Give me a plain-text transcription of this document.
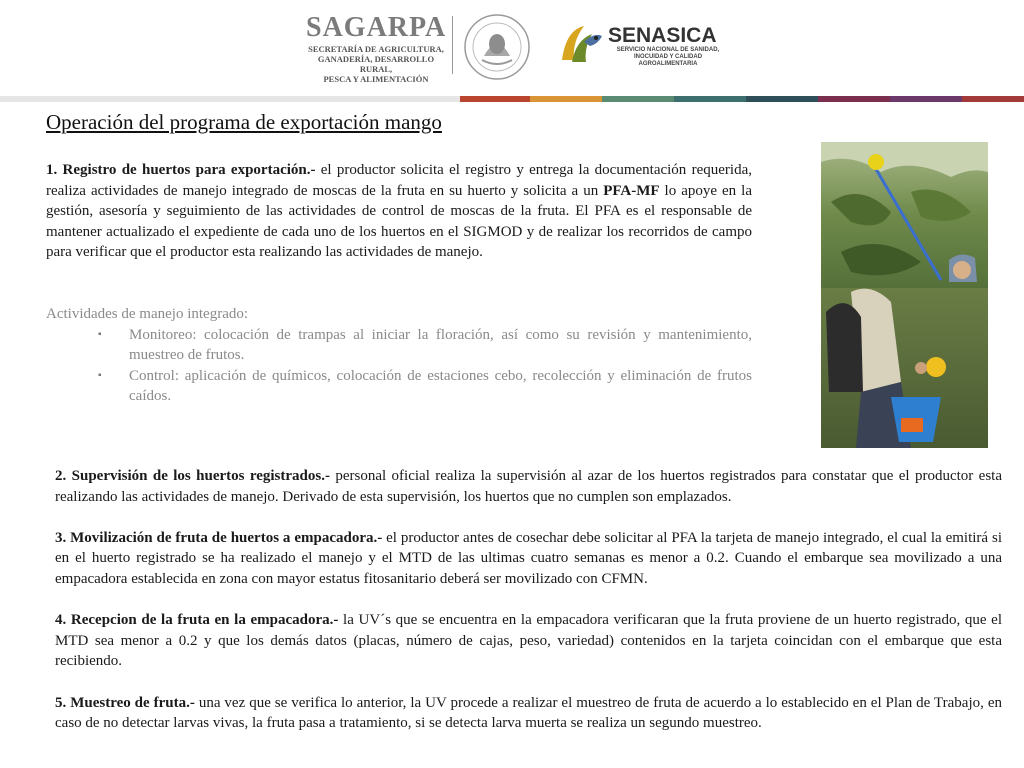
SAGARPA
SECRETARÍA DE AGRICULTURA,
GANADERÍA, DESARROLLO RURAL,
PESCA Y ALIMENTACIÓN
SENASICA
SERVICIO NACIONAL DE SANIDAD,
INOCUIDAD Y CALIDAD
AGROALIMENTARIA
Operación del programa de exportación mango
1. Registro de huertos para exportación.- el productor solicita el registro y entrega la documentación requerida, realiza actividades de manejo integrado de moscas de la fruta en su huerto y solicita a un PFA-MF lo apoye en la gestión, asesoría y seguimiento de las actividades de control de moscas de la fruta. El PFA es el responsable de mantener actualizado el expediente de cada uno de los huertos en el SIGMOD y de realizar los recorridos de campo para verificar que el productor esta realizando las actividades de manejo.
Actividades de manejo integrado:
▪ Monitoreo: colocación de trampas al iniciar la floración, así como su revisión y mantenimiento, muestreo de frutos.
▪ Control: aplicación de químicos, colocación de estaciones cebo, recolección y eliminación de frutos caídos.
2. Supervisión de los huertos registrados.- personal oficial realiza la supervisión al azar de los huertos registrados para constatar que el productor esta realizando las actividades de manejo. Derivado de esta supervisión, los huertos que no cumplen son emplazados.
3. Movilización de fruta de huertos a empacadora.- el productor antes de cosechar debe solicitar al PFA la tarjeta de manejo integrado, el cual la emitirá si en el huerto registrado se ha realizado el manejo y el MTD de las ultimas cuatro semanas es menor a 0.2. Cuando el embarque sea movilizado a una empacadora establecida en zona con mayor estatus fitosanitario deberá ser movilizado con CFMN.
4. Recepcion de la fruta en la empacadora.- la UV´s que se encuentra en la empacadora verificaran que la fruta proviene de un huerto registrado, que el MTD sea menor a 0.2 y que los demás datos (placas, número de cajas, peso, variedad) contenidos en la tarjeta coincidan con el embarque que esta recibiendo.
5. Muestreo de fruta.- una vez que se verifica lo anterior, la UV procede a realizar el muestreo de fruta de acuerdo a lo establecido en el Plan de Trabajo, en caso de no detectar larvas vivas, la fruta pasa a tratamiento, si se detecta larva muerta se realiza un segundo muestreo.
